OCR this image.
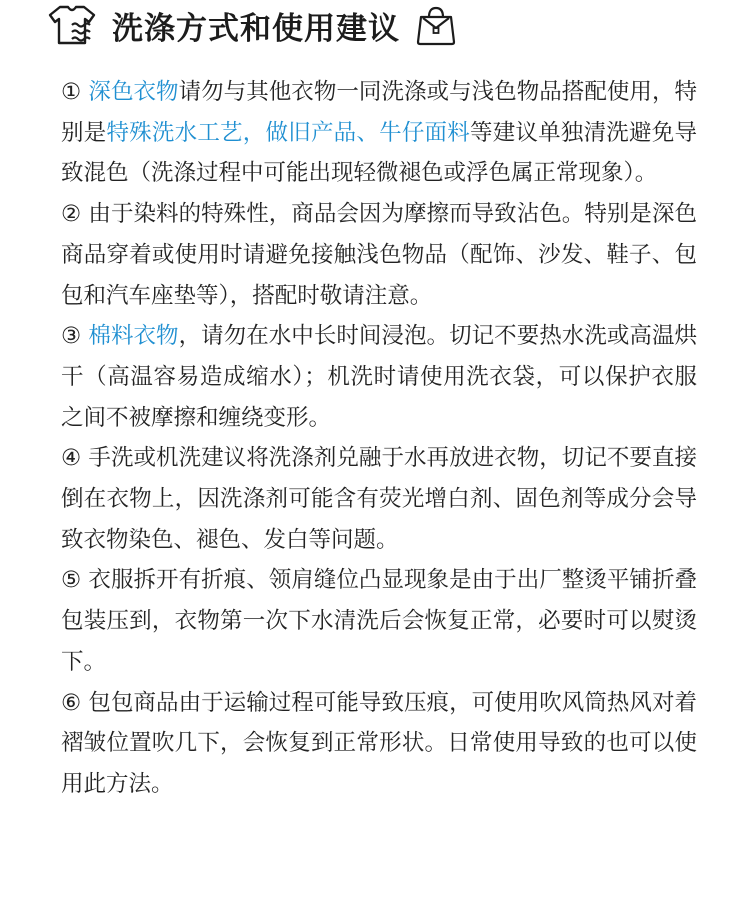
洗涤方式和使用建议

① 深色衣物请勿与其他衣物一同洗涤或与浅色物品搭配使用，特别是特殊洗水工艺，做旧产品、牛仔面料等建议单独清洗避免导致混色（洗涤过程中可能出现轻微褪色或浮色属正常现象）。

② 由于染料的特殊性，商品会因为摩擦而导致沾色。特别是深色商品穿着或使用时请避免接触浅色物品（配饰、沙发、鞋子、包包和汽车座垫等），搭配时敬请注意。

③ 棉料衣物，请勿在水中长时间浸泡。切记不要热水洗或高温烘干（高温容易造成缩水）；机洗时请使用洗衣袋，可以保护衣服之间不被摩擦和缠绕变形。

④ 手洗或机洗建议将洗涤剂兑融于水再放进衣物，切记不要直接倒在衣物上，因洗涤剂可能含有荧光增白剂、固色剂等成分会导致衣物染色、褪色、发白等问题。

⑤ 衣服拆开有折痕、领肩缝位凸显现象是由于出厂整烫平铺折叠包装压到，衣物第一次下水清洗后会恢复正常，必要时可以熨烫下。

⑥ 包包商品由于运输过程可能导致压痕，可使用吹风筒热风对着褶皱位置吹几下，会恢复到正常形状。日常使用导致的也可以使用此方法。
